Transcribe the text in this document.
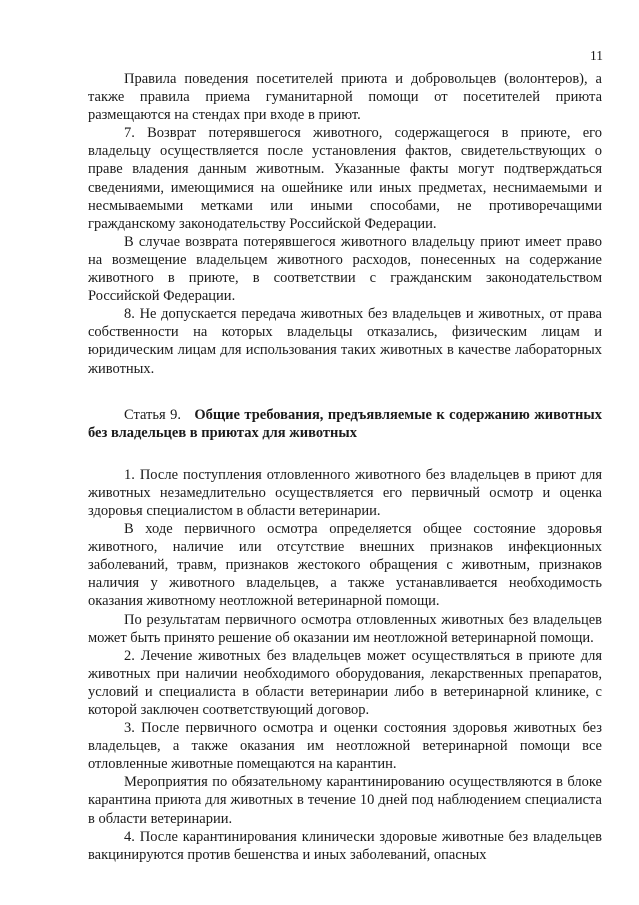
11

Правила поведения посетителей приюта и добровольцев (волонтеров), а также правила приема гуманитарной помощи от посетителей приюта размещаются на стендах при входе в приют.

7. Возврат потерявшегося животного, содержащегося в приюте, его владельцу осуществляется после установления фактов, свидетельствующих о праве владения данным животным. Указанные факты могут подтверждаться сведениями, имеющимися на ошейнике или иных предметах, неснимаемыми и несмываемыми метками или иными способами, не противоречащими гражданскому законодательству Российской Федерации.

В случае возврата потерявшегося животного владельцу приют имеет право на возмещение владельцем животного расходов, понесенных на содержание животного в приюте, в соответствии с гражданским законодательством Российской Федерации.

8. Не допускается передача животных без владельцев и животных, от права собственности на которых владельцы отказались, физическим лицам и юридическим лицам для использования таких животных в качестве лабораторных животных.

Статья 9. Общие требования, предъявляемые к содержанию животных без владельцев в приютах для животных

1. После поступления отловленного животного без владельцев в приют для животных незамедлительно осуществляется его первичный осмотр и оценка здоровья специалистом в области ветеринарии.

В ходе первичного осмотра определяется общее состояние здоровья животного, наличие или отсутствие внешних признаков инфекционных заболеваний, травм, признаков жестокого обращения с животным, признаков наличия у животного владельцев, а также устанавливается необходимость оказания животному неотложной ветеринарной помощи.

По результатам первичного осмотра отловленных животных без владельцев может быть принято решение об оказании им неотложной ветеринарной помощи.

2. Лечение животных без владельцев может осуществляться в приюте для животных при наличии необходимого оборудования, лекарственных препаратов, условий и специалиста в области ветеринарии либо в ветеринарной клинике, с которой заключен соответствующий договор.

3. После первичного осмотра и оценки состояния здоровья животных без владельцев, а также оказания им неотложной ветеринарной помощи все отловленные животные помещаются на карантин.

Мероприятия по обязательному карантинированию осуществляются в блоке карантина приюта для животных в течение 10 дней под наблюдением специалиста в области ветеринарии.

4. После карантинирования клинически здоровые животные без владельцев вакцинируются против бешенства и иных заболеваний, опасных
